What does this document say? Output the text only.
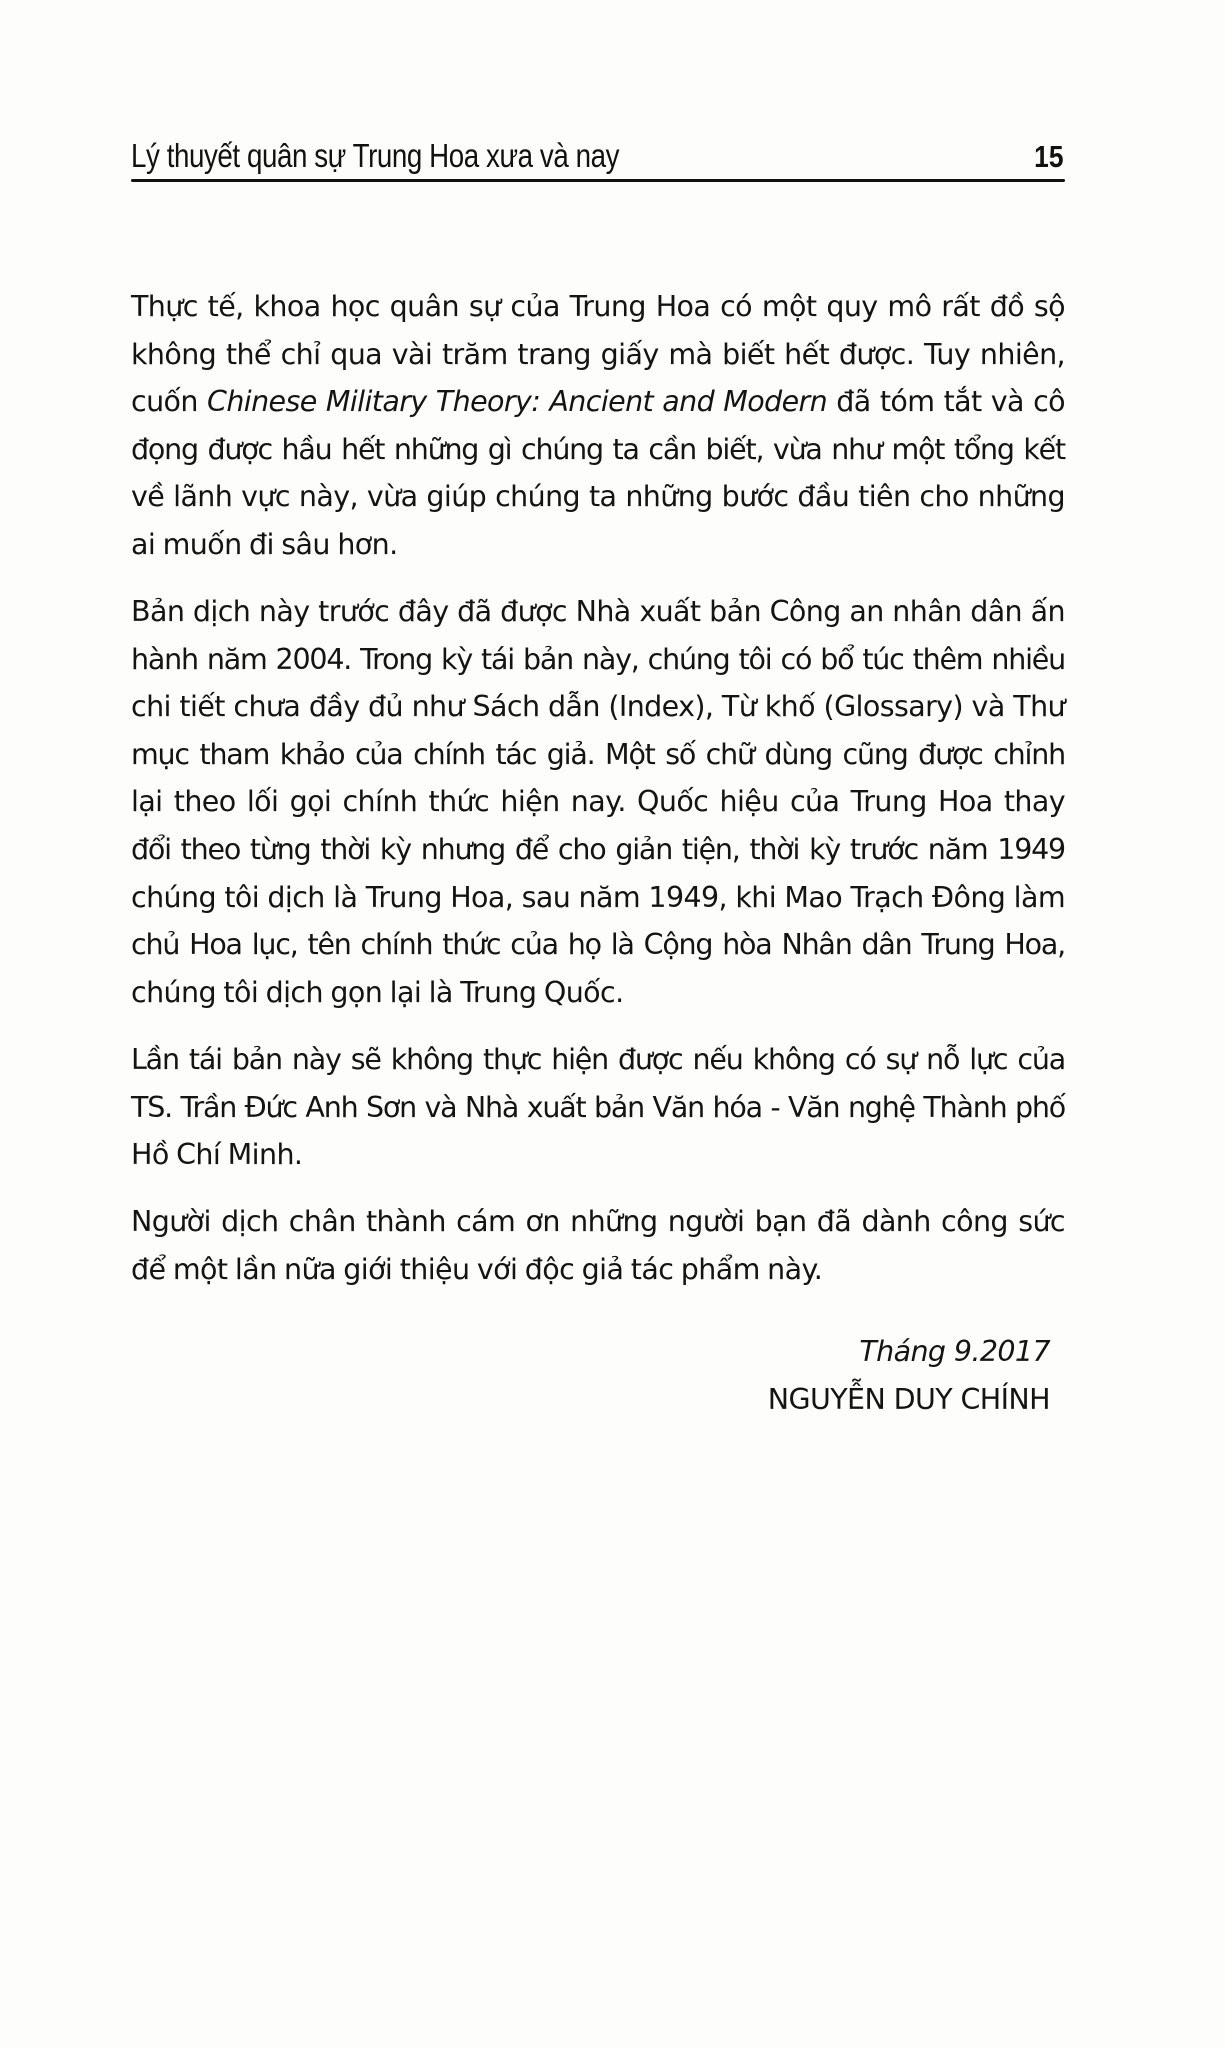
Lý thuyết quân sự Trung Hoa xưa và nay	15

Thực tế, khoa học quân sự của Trung Hoa có một quy mô rất đồ sộ
không thể chỉ qua vài trăm trang giấy mà biết hết được. Tuy nhiên,
cuốn Chinese Military Theory: Ancient and Modern đã tóm tắt và cô
đọng được hầu hết những gì chúng ta cần biết, vừa như một tổng kết
về lãnh vực này, vừa giúp chúng ta những bước đầu tiên cho những
ai muốn đi sâu hơn.

Bản dịch này trước đây đã được Nhà xuất bản Công an nhân dân ấn
hành năm 2004. Trong kỳ tái bản này, chúng tôi có bổ túc thêm nhiều
chi tiết chưa đầy đủ như Sách dẫn (Index), Từ khố (Glossary) và Thư
mục tham khảo của chính tác giả. Một số chữ dùng cũng được chỉnh
lại theo lối gọi chính thức hiện nay. Quốc hiệu của Trung Hoa thay
đổi theo từng thời kỳ nhưng để cho giản tiện, thời kỳ trước năm 1949
chúng tôi dịch là Trung Hoa, sau năm 1949, khi Mao Trạch Đông làm
chủ Hoa lục, tên chính thức của họ là Cộng hòa Nhân dân Trung Hoa,
chúng tôi dịch gọn lại là Trung Quốc.

Lần tái bản này sẽ không thực hiện được nếu không có sự nỗ lực của
TS. Trần Đức Anh Sơn và Nhà xuất bản Văn hóa - Văn nghệ Thành phố
Hồ Chí Minh.

Người dịch chân thành cám ơn những người bạn đã dành công sức
để một lần nữa giới thiệu với độc giả tác phẩm này.

Tháng 9.2017
NGUYỄN DUY CHÍNH
